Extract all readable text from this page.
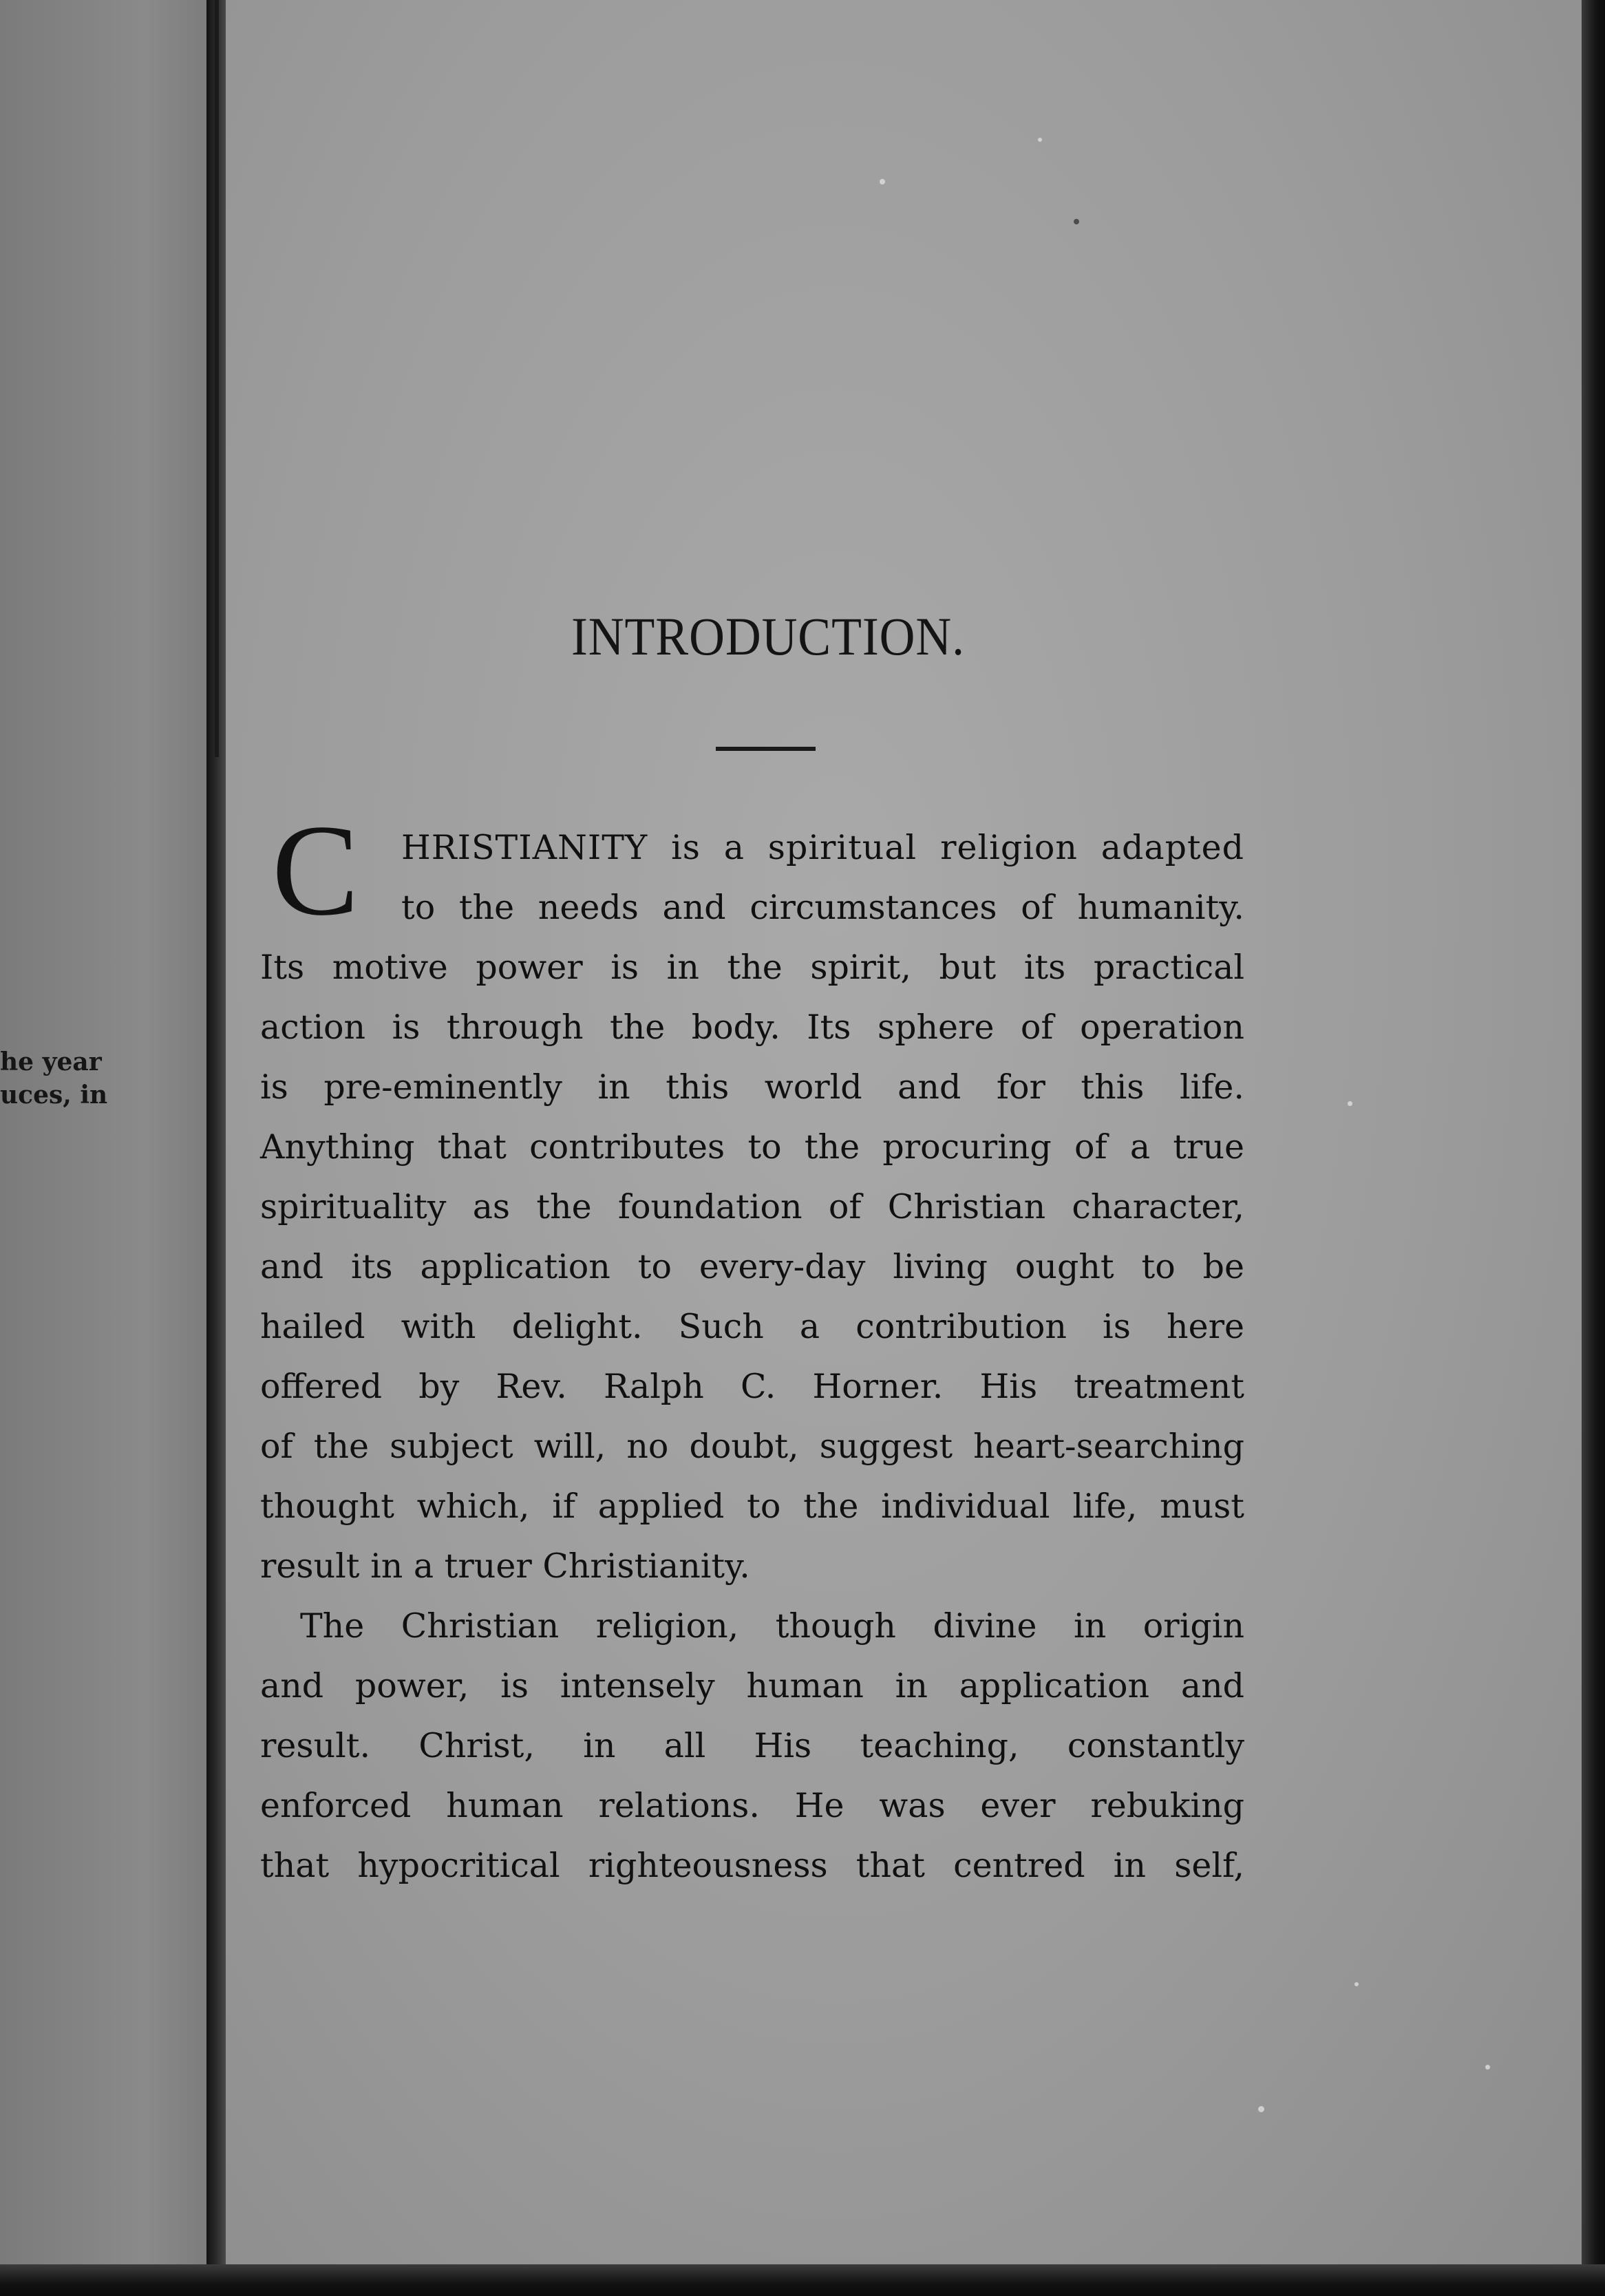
he year
uces, in
INTRODUCTION.
C	HRISTIANITY is a spiritual religion adapted
to the needs and circumstances of humanity.
Its motive power is in the spirit, but its practical
action is through the body. Its sphere of operation
is pre-eminently in this world and for this life.
Anything that contributes to the procuring of a true
spirituality as the foundation of Christian character,
and its application to every-day living ought to be
hailed with delight. Such a contribution is here
offered by Rev. Ralph C. Horner. His treatment
of the subject will, no doubt, suggest heart-searching
thought which, if applied to the individual life, must
result in a truer Christianity.
The Christian religion, though divine in origin
and power, is intensely human in application and
result. Christ, in all His teaching, constantly
enforced human relations. He was ever rebuking
that hypocritical righteousness that centred in self,
